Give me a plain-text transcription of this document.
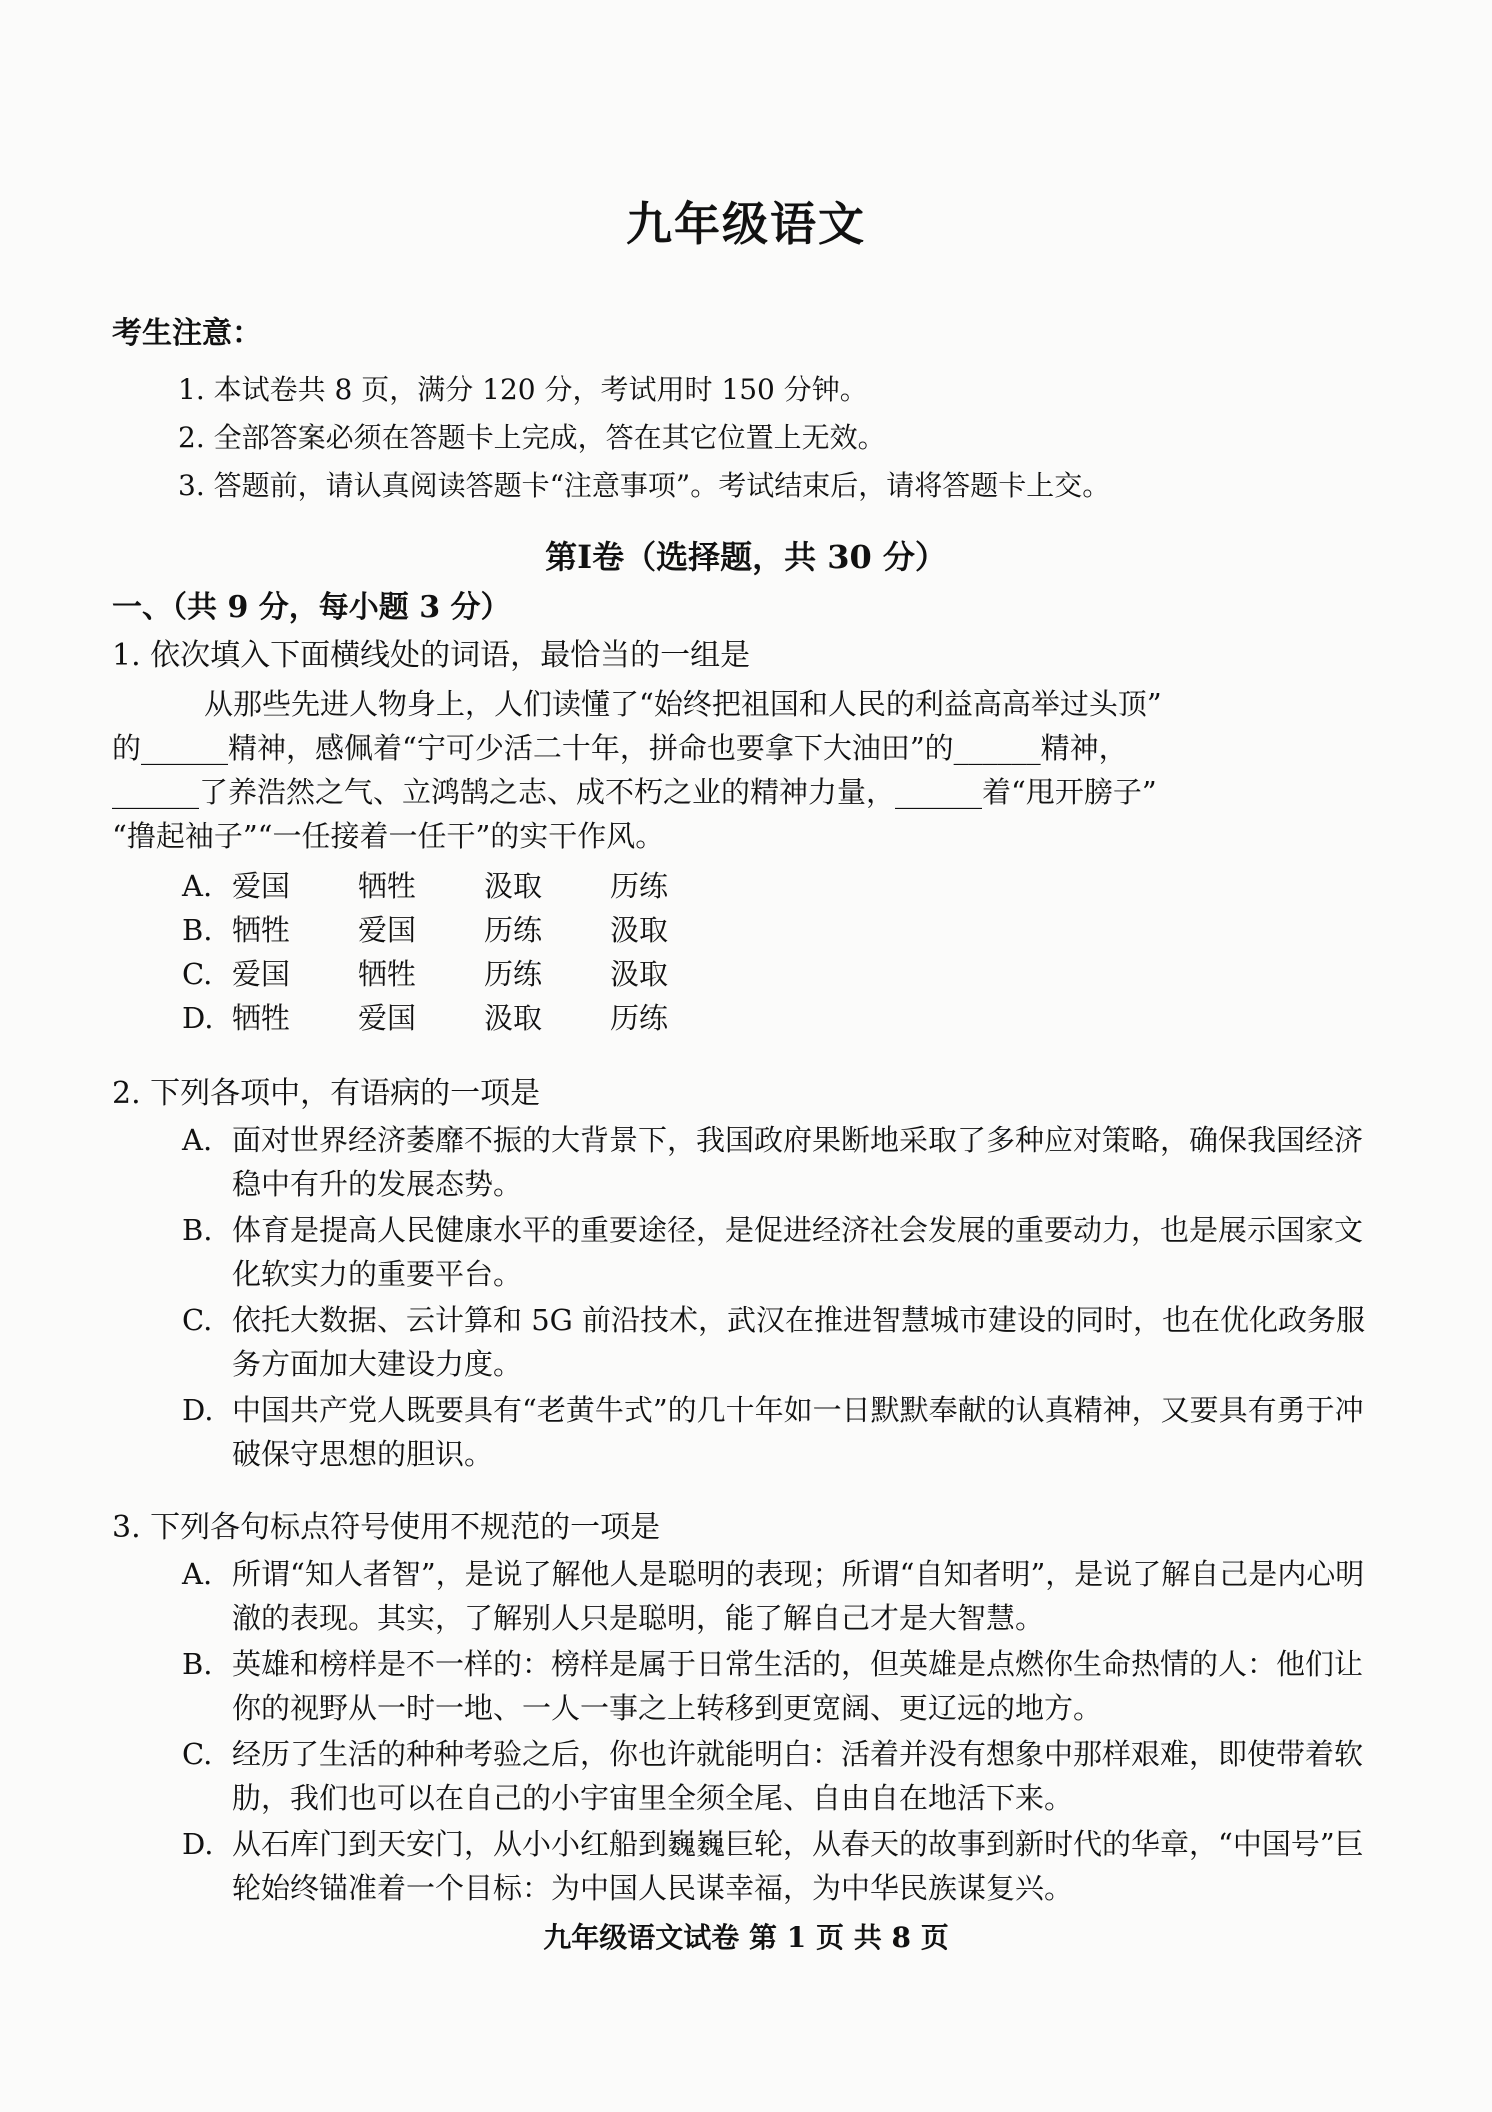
九年级语文
考生注意：
1. 本试卷共 8 页，满分 120 分，考试用时 150 分钟。
2. 全部答案必须在答题卡上完成，答在其它位置上无效。
3. 答题前，请认真阅读答题卡“注意事项”。考试结束后，请将答题卡上交。
第Ⅰ卷（选择题，共 30 分）
一、（共 9 分，每小题 3 分）
1. 依次填入下面横线处的词语，最恰当的一组是

从那些先进人物身上，人们读懂了“始终把祖国和人民的利益高高举过头顶”

的______精神，感佩着“宁可少活二十年，拼命也要拿下大油田”的______精神，

______了养浩然之气、立鸿鹄之志、成不朽之业的精神力量，______着“甩开膀子”

“撸起袖子”“一任接着一任干”的实干作风。

A. 爱国	牺牲	汲取	历练
B. 牺牲	爱国	历练	汲取
C. 爱国	牺牲	历练	汲取
D. 牺牲	爱国	汲取	历练
2. 下列各项中，有语病的一项是
A. 面对世界经济萎靡不振的大背景下，我国政府果断地采取了多种应对策略，确保我国经济稳中有升的发展态势。
B. 体育是提高人民健康水平的重要途径，是促进经济社会发展的重要动力，也是展示国家文化软实力的重要平台。
C. 依托大数据、云计算和 5G 前沿技术，武汉在推进智慧城市建设的同时，也在优化政务服务方面加大建设力度。
D. 中国共产党人既要具有“老黄牛式”的几十年如一日默默奉献的认真精神，又要具有勇于冲破保守思想的胆识。
3. 下列各句标点符号使用不规范的一项是
A. 所谓“知人者智”，是说了解他人是聪明的表现；所谓“自知者明”，是说了解自己是内心明澈的表现。其实，了解别人只是聪明，能了解自己才是大智慧。
B. 英雄和榜样是不一样的：榜样是属于日常生活的，但英雄是点燃你生命热情的人：他们让你的视野从一时一地、一人一事之上转移到更宽阔、更辽远的地方。
C. 经历了生活的种种考验之后，你也许就能明白：活着并没有想象中那样艰难，即使带着软肋，我们也可以在自己的小宇宙里全须全尾、自由自在地活下来。
D. 从石库门到天安门，从小小红船到巍巍巨轮，从春天的故事到新时代的华章，“中国号”巨轮始终锚准着一个目标：为中国人民谋幸福，为中华民族谋复兴。
九年级语文试卷 第 1 页 共 8 页
